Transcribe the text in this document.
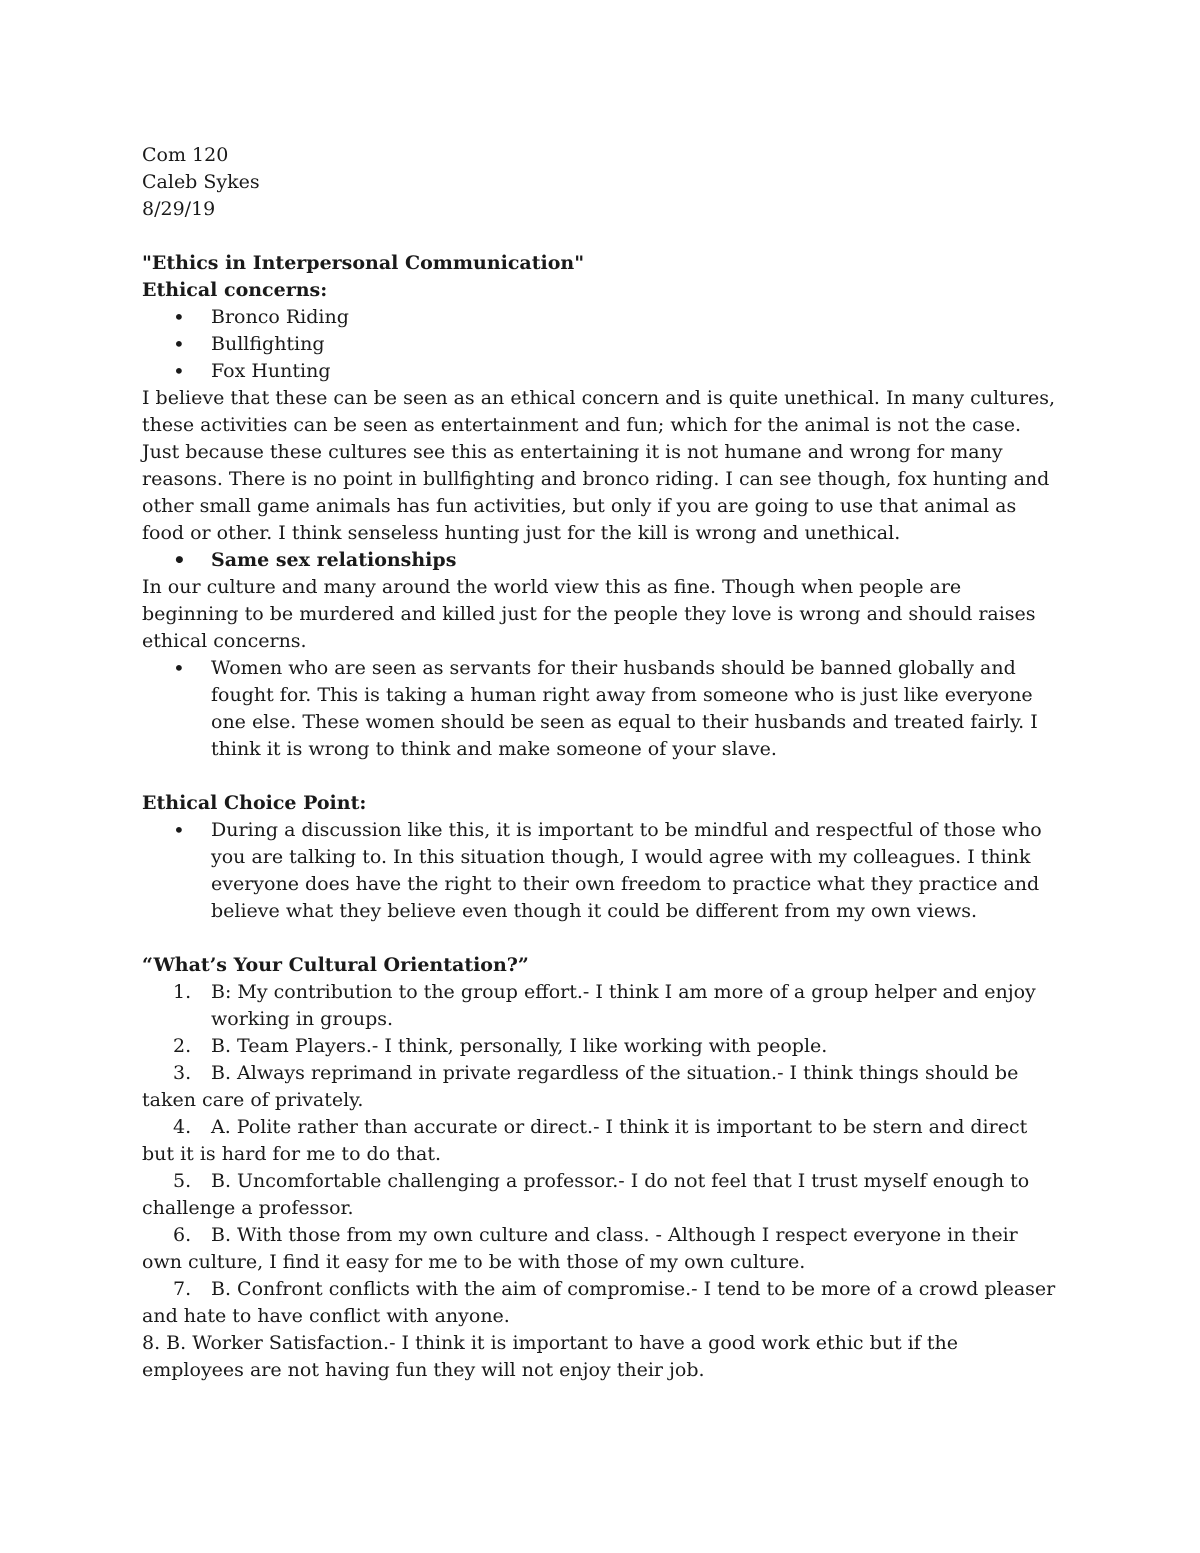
Com 120
Caleb Sykes
8/29/19
"Ethics in Interpersonal Communication"
Ethical concerns:
• Bronco Riding
• Bullfighting
• Fox Hunting

I believe that these can be seen as an ethical concern and is quite unethical. In many cultures, these activities can be seen as entertainment and fun; which for the animal is not the case. Just because these cultures see this as entertaining it is not humane and wrong for many reasons. There is no point in bullfighting and bronco riding. I can see though, fox hunting and other small game animals has fun activities, but only if you are going to use that animal as food or other. I think senseless hunting just for the kill is wrong and unethical.

• Same sex relationships

In our culture and many around the world view this as fine. Though when people are beginning to be murdered and killed just for the people they love is wrong and should raises ethical concerns.

• Women who are seen as servants for their husbands should be banned globally and fought for. This is taking a human right away from someone who is just like everyone one else. These women should be seen as equal to their husbands and treated fairly. I think it is wrong to think and make someone of your slave.
Ethical Choice Point:
• During a discussion like this, it is important to be mindful and respectful of those who you are talking to. In this situation though, I would agree with my colleagues. I think everyone does have the right to their own freedom to practice what they practice and believe what they believe even though it could be different from my own views.
“What’s Your Cultural Orientation?”
1.	B: My contribution to the group effort.- I think I am more of a group helper and enjoy working in groups.
2.	B. Team Players.- I think, personally, I like working with people.
3. B. Always reprimand in private regardless of the situation.- I think things should be taken care of privately.
4. A. Polite rather than accurate or direct.- I think it is important to be stern and direct but it is hard for me to do that.
5. B. Uncomfortable challenging a professor.- I do not feel that I trust myself enough to challenge a professor.
6. B. With those from my own culture and class. - Although I respect everyone in their own culture, I find it easy for me to be with those of my own culture.
7. B. Confront conflicts with the aim of compromise.- I tend to be more of a crowd pleaser and hate to have conflict with anyone.

8. B. Worker Satisfaction.- I think it is important to have a good work ethic but if the employees are not having fun they will not enjoy their job.
